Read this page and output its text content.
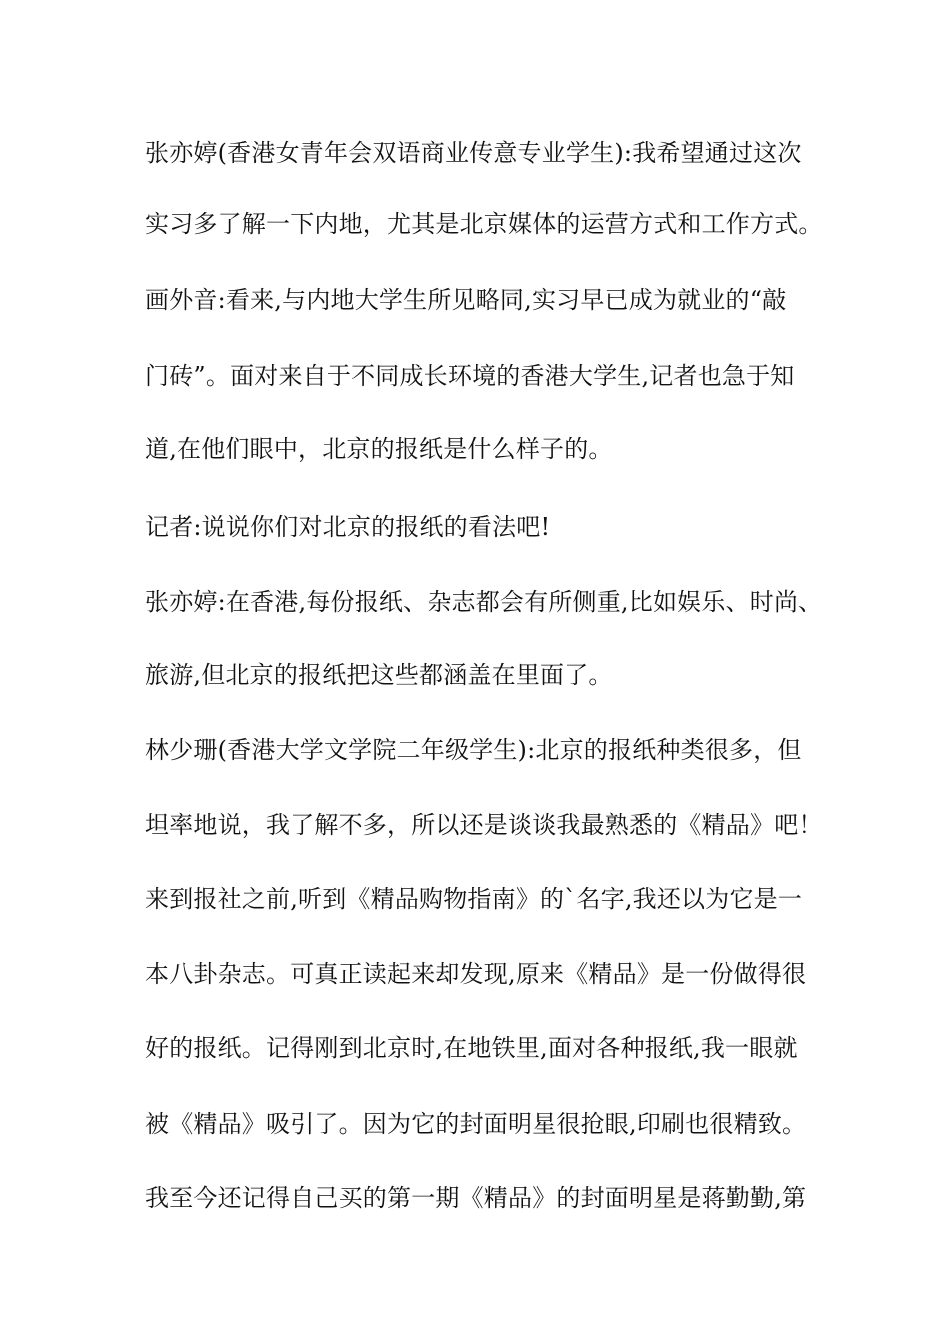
张亦婷(香港女青年会双语商业传意专业学生):我希望通过这次
实习多了解一下内地，尤其是北京媒体的运营方式和工作方式。
画外音:看来,与内地大学生所见略同,实习早已成为就业的“敲
门砖”。面对来自于不同成长环境的香港大学生,记者也急于知
道,在他们眼中，北京的报纸是什么样子的。
记者:说说你们对北京的报纸的看法吧!
张亦婷:在香港,每份报纸、杂志都会有所侧重,比如娱乐、时尚、
旅游,但北京的报纸把这些都涵盖在里面了。
林少珊(香港大学文学院二年级学生):北京的报纸种类很多，但
坦率地说，我了解不多，所以还是谈谈我最熟悉的《精品》吧！
来到报社之前,听到《精品购物指南》的`名字,我还以为它是一
本八卦杂志。可真正读起来却发现,原来《精品》是一份做得很
好的报纸。记得刚到北京时,在地铁里,面对各种报纸,我一眼就
被《精品》吸引了。因为它的封面明星很抢眼,印刷也很精致。
我至今还记得自己买的第一期《精品》的封面明星是蒋勤勤,第
